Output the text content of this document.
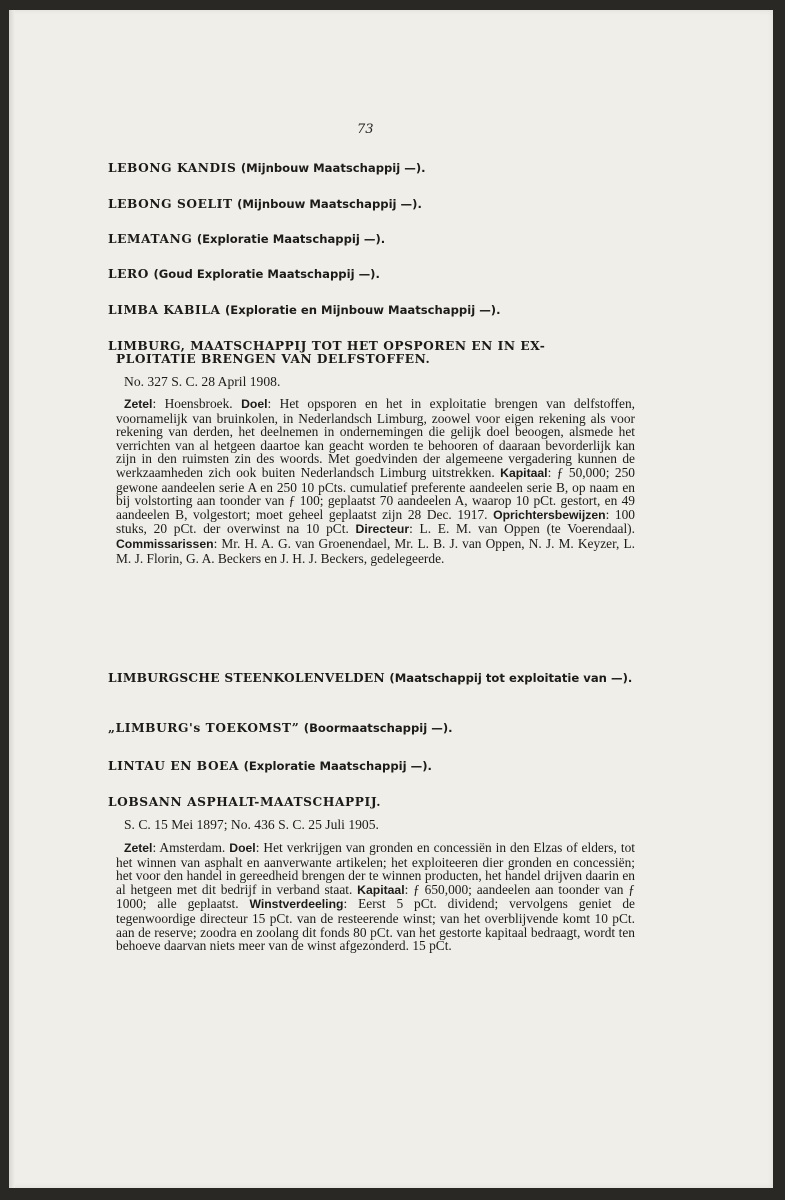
73

LEBONG KANDIS (Mijnbouw Maatschappij —).

LEBONG SOELIT (Mijnbouw Maatschappij —).

LEMATANG (Exploratie Maatschappij —).

LERO (Goud Exploratie Maatschappij —).

LIMBA KABILA (Exploratie en Mijnbouw Maatschappij —).

LIMBURG, MAATSCHAPPIJ TOT HET OPSPOREN EN IN EX-

PLOITATIE BRENGEN VAN DELFSTOFFEN.

No. 327 S. C. 28 April 1908.

Zetel: Hoensbroek. Doel: Het opsporen en het in exploitatie brengen van delfstoffen, voornamelijk van bruinkolen, in Nederlandsch Limburg, zoowel voor eigen rekening als voor rekening van derden, het deelnemen in ondernemingen die gelijk doel beoogen, alsmede het verrichten van al hetgeen daartoe kan geacht worden te behooren of daaraan bevorderlijk kan zijn in den ruimsten zin des woords. Met goedvinden der algemeene vergadering kunnen de werkzaamheden zich ook buiten Nederlandsch Limburg uitstrekken. Kapitaal: ƒ 50,000; 250 gewone aandeelen serie A en 250 10 pCts. cumulatief preferente aandeelen serie B, op naam en bij volstorting aan toonder van ƒ 100; geplaatst 70 aandeelen A, waarop 10 pCt. gestort, en 49 aandeelen B, volgestort; moet geheel geplaatst zijn 28 Dec. 1917. Oprichtersbewijzen: 100 stuks, 20 pCt. der overwinst na 10 pCt. Directeur: L. E. M. van Oppen (te Voerendaal). Commissarissen: Mr. H. A. G. van Groenendael, Mr. L. B. J. van Oppen, N. J. M. Keyzer, L. M. J. Florin, G. A. Beckers en J. H. J. Beckers, gedelegeerde.

LIMBURGSCHE STEENKOLENVELDEN (Maatschappij tot exploitatie van —).

„LIMBURG's TOEKOMST” (Boormaatschappij —).

LINTAU EN BOEA (Exploratie Maatschappij —).

LOBSANN ASPHALT-MAATSCHAPPIJ.

S. C. 15 Mei 1897; No. 436 S. C. 25 Juli 1905.

Zetel: Amsterdam. Doel: Het verkrijgen van gronden en concessiën in den Elzas of elders, tot het winnen van asphalt en aanverwante artikelen; het exploiteeren dier gronden en concessiën; het voor den handel in gereedheid brengen der te winnen producten, het handel drijven daarin en al hetgeen met dit bedrijf in verband staat. Kapitaal: ƒ 650,000; aandeelen aan toonder van ƒ 1000; alle geplaatst. Winstverdeeling: Eerst 5 pCt. dividend; vervolgens geniet de tegenwoordige directeur 15 pCt. van de resteerende winst; van het overblijvende komt 10 pCt. aan de reserve; zoodra en zoolang dit fonds 80 pCt. van het gestorte kapitaal bedraagt, wordt ten behoeve daarvan niets meer van de winst afgezonderd. 15 pCt.
